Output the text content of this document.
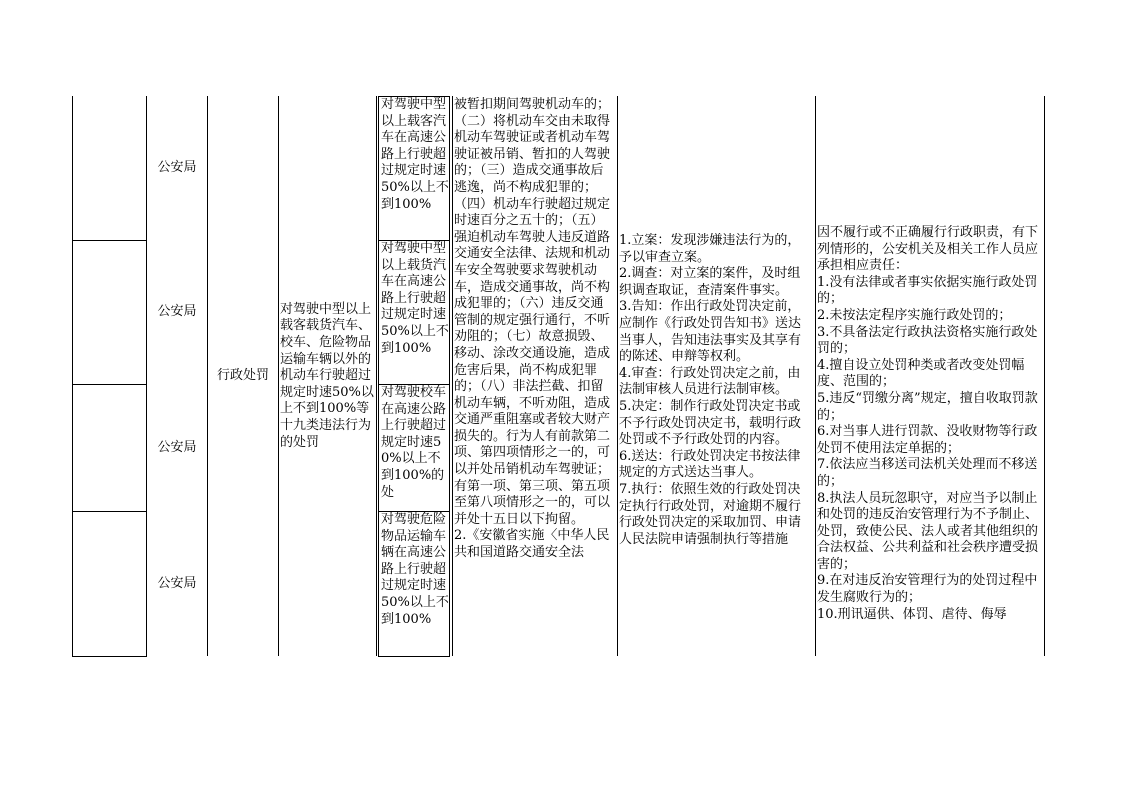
公安局
公安局
公安局
公安局
行政处罚
对驾驶中型以上载客载货汽车、校车、危险物品运输车辆以外的机动车行驶超过规定时速50%以上不到100%等十九类违法行为的处罚
对驾驶中型以上载客汽车在高速公路上行驶超过规定时速50%以上不到100%
对驾驶中型以上载货汽车在高速公路上行驶超过规定时速50%以上不到100%
对驾驶校车在高速公路上行驶超过规定时速50%以上不到100%的处
对驾驶危险物品运输车辆在高速公路上行驶超过规定时速50%以上不到100%
被暂扣期间驾驶机动车的；（二）将机动车交由未取得机动车驾驶证或者机动车驾驶证被吊销、暂扣的人驾驶的；（三）造成交通事故后逃逸，尚不构成犯罪的；（四）机动车行驶超过规定时速百分之五十的；（五）强迫机动车驾驶人违反道路交通安全法律、法规和机动车安全驾驶要求驾驶机动车，造成交通事故，尚不构成犯罪的；（六）违反交通管制的规定强行通行，不听劝阻的；（七）故意损毁、移动、涂改交通设施，造成危害后果，尚不构成犯罪的；（八）非法拦截、扣留机动车辆，不听劝阻，造成交通严重阻塞或者较大财产损失的。行为人有前款第二项、第四项情形之一的，可以并处吊销机动车驾驶证；有第一项、第三项、第五项至第八项情形之一的，可以并处十五日以下拘留。
2.《安徽省实施〈中华人民共和国道路交通安全法
1.立案：发现涉嫌违法行为的，予以审查立案。
2.调查：对立案的案件，及时组织调查取证，查清案件事实。
3.告知：作出行政处罚决定前，应制作《行政处罚告知书》送达当事人，告知违法事实及其享有的陈述、申辩等权利。
4.审查：行政处罚决定之前，由法制审核人员进行法制审核。
5.决定：制作行政处罚决定书或不予行政处罚决定书，载明行政处罚或不予行政处罚的内容。
6.送达：行政处罚决定书按法律规定的方式送达当事人。
7.执行：依照生效的行政处罚决定执行行政处罚，对逾期不履行行政处罚决定的采取加罚、申请人民法院申请强制执行等措施
因不履行或不正确履行行政职责，有下列情形的，公安机关及相关工作人员应承担相应责任：
1.没有法律或者事实依据实施行政处罚的；
2.未按法定程序实施行政处罚的；
3.不具备法定行政执法资格实施行政处罚的；
4.擅自设立处罚种类或者改变处罚幅度、范围的；
5.违反“罚缴分离”规定，擅自收取罚款的；
6.对当事人进行罚款、没收财物等行政处罚不使用法定单据的；
7.依法应当移送司法机关处理而不移送的；
8.执法人员玩忽职守，对应当予以制止和处罚的违反治安管理行为不予制止、处罚，致使公民、法人或者其他组织的合法权益、公共利益和社会秩序遭受损害的；
9.在对违反治安管理行为的处罚过程中发生腐败行为的；
10.刑讯逼供、体罚、虐待、侮辱
